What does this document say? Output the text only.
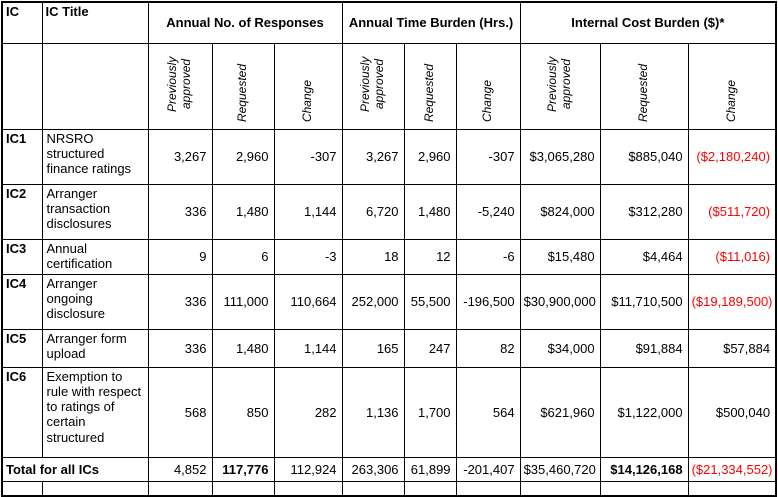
IC	IC Title	Annual No. of Responses			Annual Time Burden (Hrs.)			Internal Cost Burden ($)*		
		Previously approved	Requested	Change	Previously approved	Requested	Change	Previously approved	Requested	Change
IC1	NRSRO structured finance ratings	3,267	2,960	-307	3,267	2,960	-307	$3,065,280	$885,040	($2,180,240)
IC2	Arranger transaction disclosures	336	1,480	1,144	6,720	1,480	-5,240	$824,000	$312,280	($511,720)
IC3	Annual certification	9	6	-3	18	12	-6	$15,480	$4,464	($11,016)
IC4	Arranger ongoing disclosure	336	111,000	110,664	252,000	55,500	-196,500	$30,900,000	$11,710,500	($19,189,500)
IC5	Arranger form upload	336	1,480	1,144	165	247	82	$34,000	$91,884	$57,884
IC6	Exemption to rule with respect to ratings of certain structured	568	850	282	1,136	1,700	564	$621,960	$1,122,000	$500,040
Total for all ICs		4,852	117,776	112,924	263,306	61,899	-201,407	$35,460,720	$14,126,168	($21,334,552)
